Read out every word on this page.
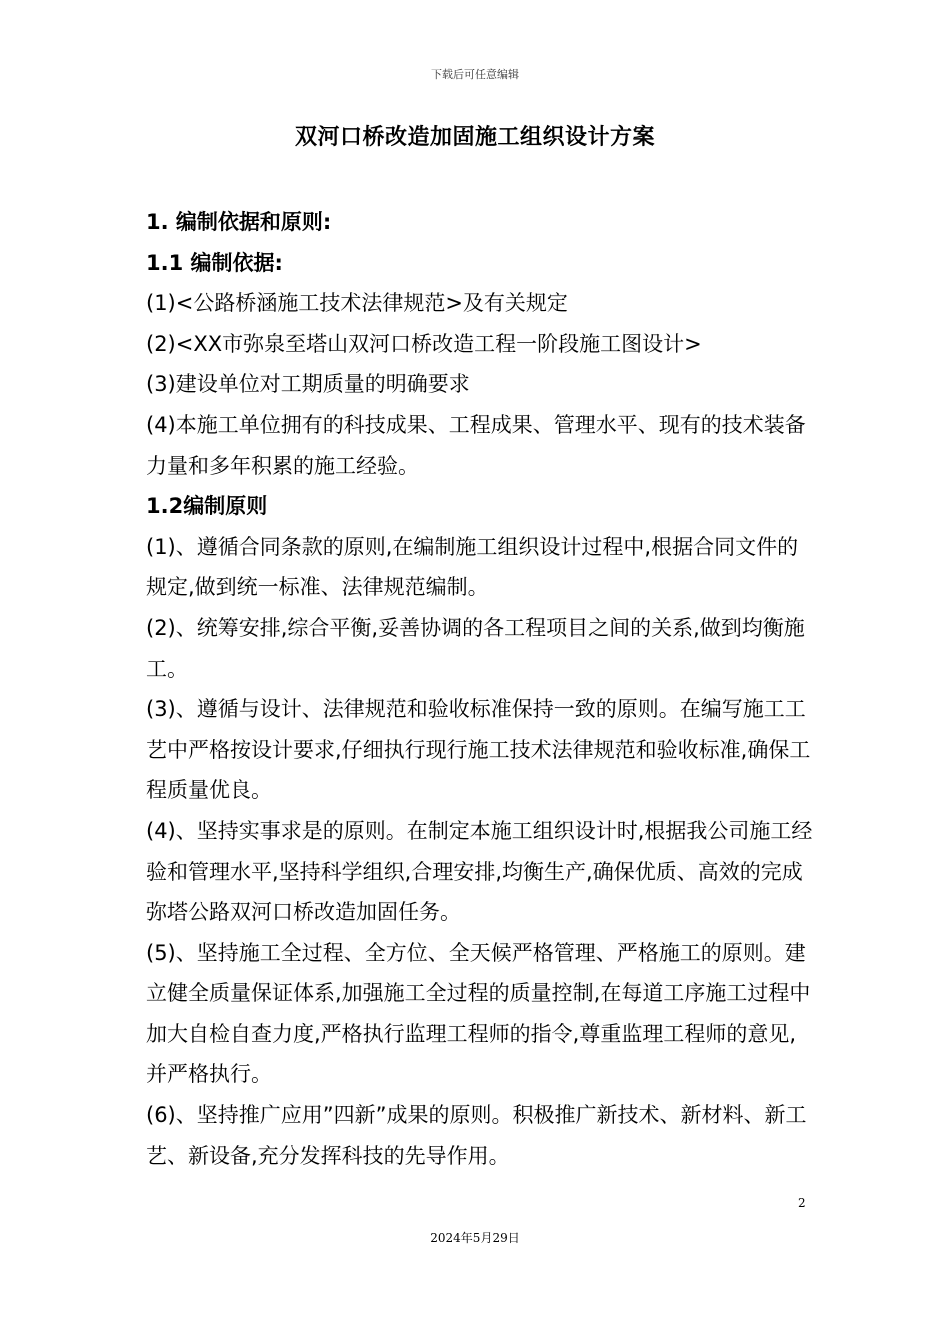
下载后可任意编辑
双河口桥改造加固施工组织设计方案

1. 编制依据和原则:

1.1 编制依据:

(1)<公路桥涵施工技术法律规范>及有关规定

(2)<XX市弥泉至塔山双河口桥改造工程一阶段施工图设计>

(3)建设单位对工期质量的明确要求

(4)本施工单位拥有的科技成果、工程成果、管理水平、现有的技术装备力量和多年积累的施工经验。

1.2编制原则

(1)、遵循合同条款的原则,在编制施工组织设计过程中,根据合同文件的规定,做到统一标准、法律规范编制。

(2)、统筹安排,综合平衡,妥善协调的各工程项目之间的关系,做到均衡施工。

(3)、遵循与设计、法律规范和验收标准保持一致的原则。在编写施工工艺中严格按设计要求,仔细执行现行施工技术法律规范和验收标准,确保工程质量优良。

(4)、坚持实事求是的原则。在制定本施工组织设计时,根据我公司施工经验和管理水平,坚持科学组织,合理安排,均衡生产,确保优质、高效的完成弥塔公路双河口桥改造加固任务。

(5)、坚持施工全过程、全方位、全天候严格管理、严格施工的原则。建立健全质量保证体系,加强施工全过程的质量控制,在每道工序施工过程中加大自检自查力度,严格执行监理工程师的指令,尊重监理工程师的意见,并严格执行。

(6)、坚持推广应用”四新”成果的原则。积极推广新技术、新材料、新工艺、新设备,充分发挥科技的先导作用。

2
2024年5月29日
